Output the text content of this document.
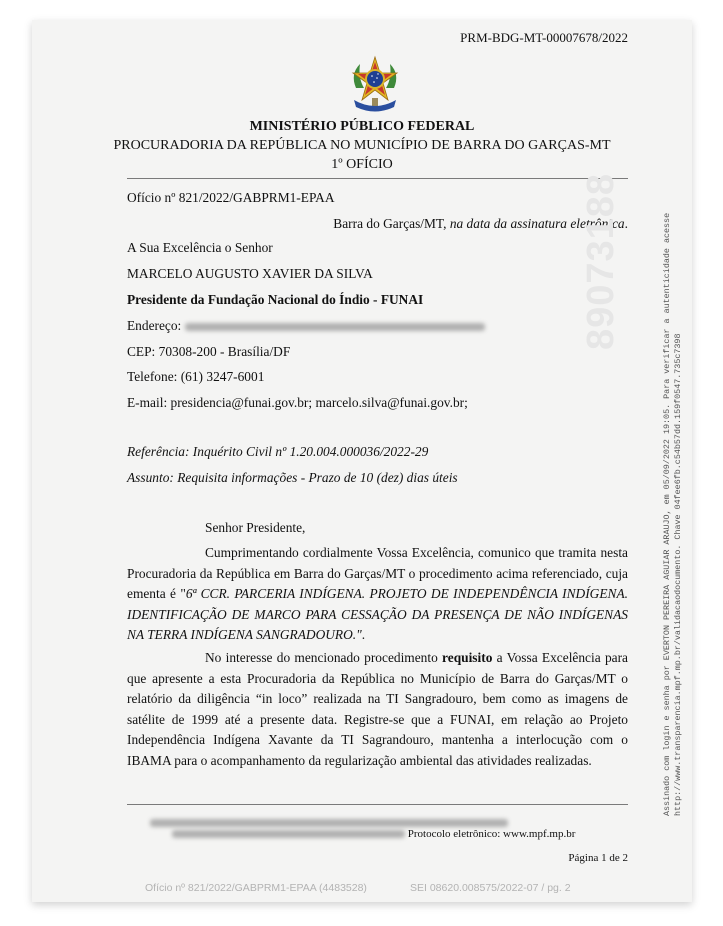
PRM-BDG-MT-00007678/2022
MINISTÉRIO PÚBLICO FEDERAL
PROCURADORIA DA REPÚBLICA NO MUNICÍPIO DE BARRA DO GARÇAS-MT
1º OFÍCIO
Ofício nº 821/2022/GABPRM1-EPAA
Barra do Garças/MT, na data da assinatura eletrônica.
A Sua Excelência o Senhor
MARCELO AUGUSTO XAVIER DA SILVA
Presidente da Fundação Nacional do Índio - FUNAI
Endereço:
CEP: 70308-200 - Brasília/DF
Telefone: (61) 3247-6001
E-mail: presidencia@funai.gov.br; marcelo.silva@funai.gov.br;
Referência: Inquérito Civil nº 1.20.004.000036/2022-29
Assunto: Requisita informações - Prazo de 10 (dez) dias úteis
Senhor Presidente,
Cumprimentando cordialmente Vossa Excelência, comunico que tramita nesta Procuradoria da República em Barra do Garças/MT o procedimento acima referenciado, cuja ementa é "6ª CCR. PARCERIA INDÍGENA. PROJETO DE INDEPENDÊNCIA INDÍGENA. IDENTIFICAÇÃO DE MARCO PARA CESSAÇÃO DA PRESENÇA DE NÃO INDÍGENAS NA TERRA INDÍGENA SANGRADOURO.".
No interesse do mencionado procedimento requisito a Vossa Excelência para que apresente a esta Procuradoria da República no Município de Barra do Garças/MT o relatório da diligência “in loco” realizada na TI Sangradouro, bem como as imagens de satélite de 1999 até a presente data. Registre-se que a FUNAI, em relação ao Projeto Independência Indígena Xavante da TI Sagrandouro, mantenha a interlocução com o IBAMA para o acompanhamento da regularização ambiental das atividades realizadas.
89073188	Assinado com login e senha por EVERTON PEREIRA AGUIAR ARAUJO, em 05/09/2022 19:05. Para verificar a autenticidade acesse http://www.transparencia.mpf.mp.br/validacaodocumento. Chave 04fee6fb.c54b57dd.159f0547.735c7398
Protocolo eletrônico: www.mpf.mp.br
Página 1 de 2
Ofício nº 821/2022/GABPRM1-EPAA (4483528)	SEI 08620.008575/2022-07 / pg. 2
